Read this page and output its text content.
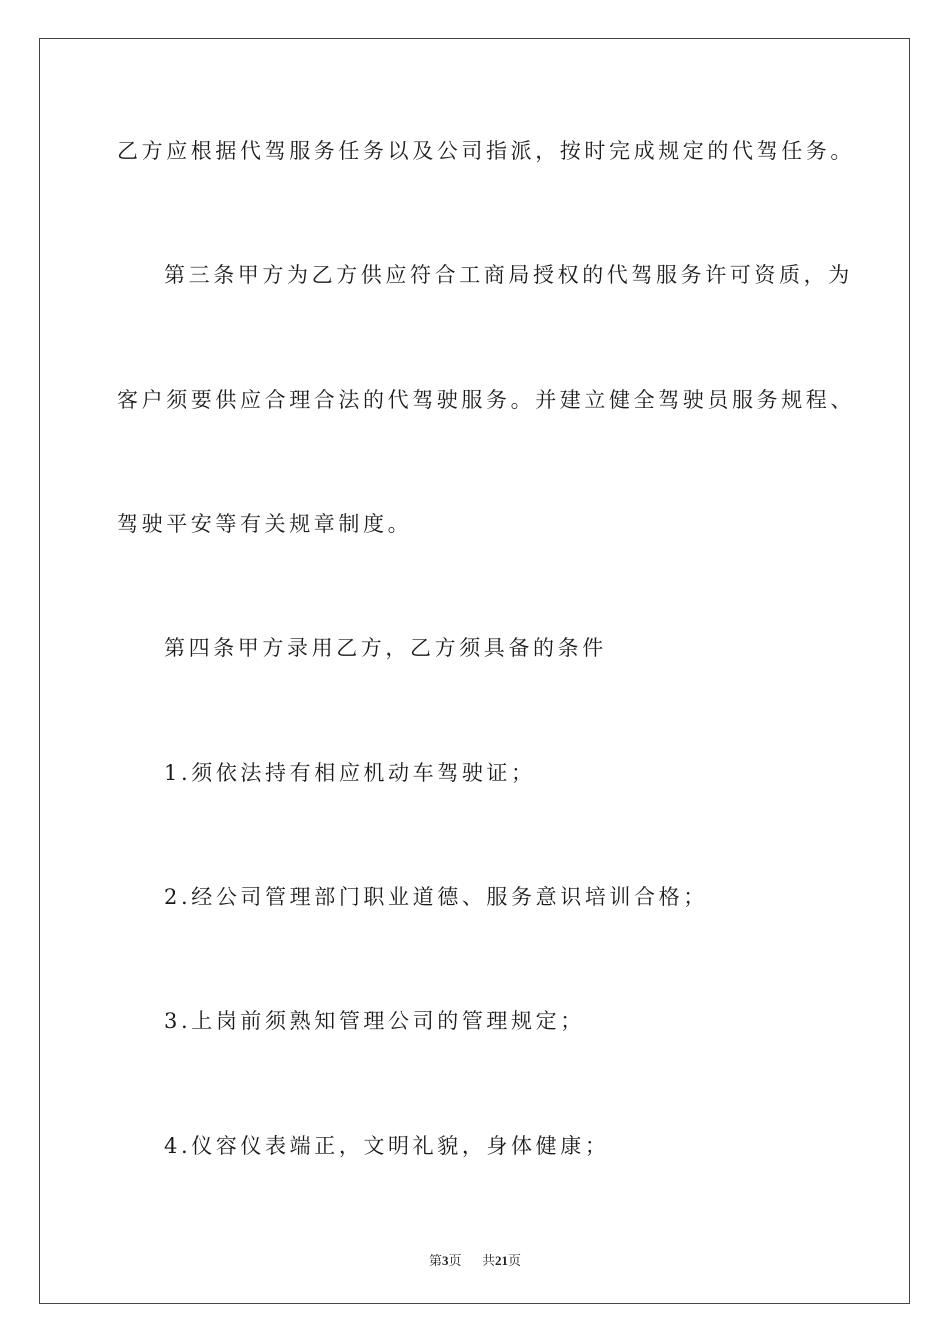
乙方应根据代驾服务任务以及公司指派，按时完成规定的代驾任务。
第三条甲方为乙方供应符合工商局授权的代驾服务许可资质，为
客户须要供应合理合法的代驾驶服务。并建立健全驾驶员服务规程、
驾驶平安等有关规章制度。
第四条甲方录用乙方，乙方须具备的条件
1.须依法持有相应机动车驾驶证；
2.经公司管理部门职业道德、服务意识培训合格；
3.上岗前须熟知管理公司的管理规定；
4.仪容仪表端正，文明礼貌，身体健康；
第3页 共21页
